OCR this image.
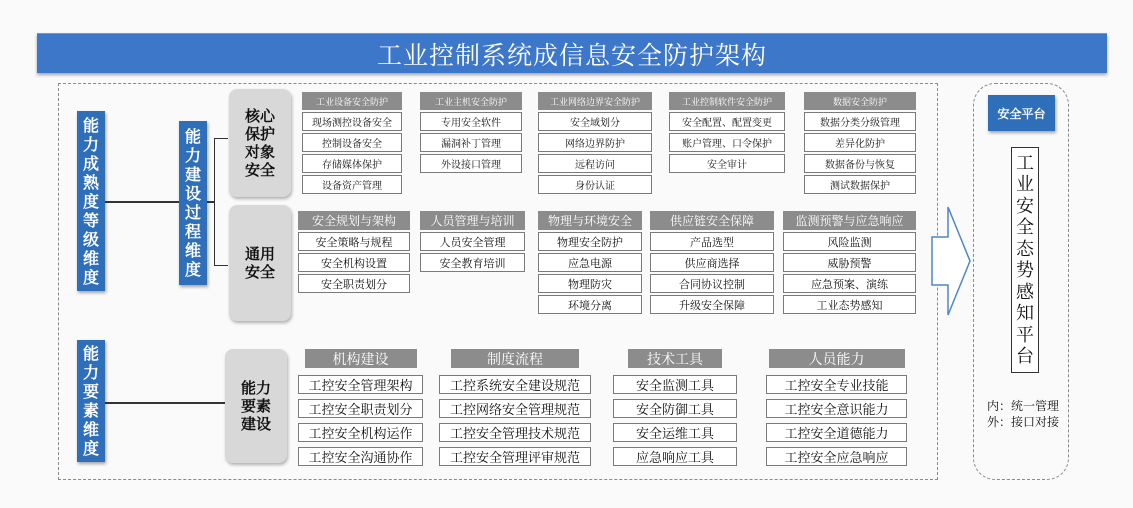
工业控制系统成信息安全防护架构
能
力
成
熟
度
等
级
维
度
能
力
建
设
过
程
维
度
能
力
要
素
维
度
核心
保护
对象
安全
通用
安全
能力
要素
建设
工业设备安全防护
现场测控设备安全
控制设备安全
存储媒体保护
设备资产管理
工业主机安全防护
专用安全软件
漏洞补丁管理
外设接口管理
工业网络边界安全防护
安全域划分
网络边界防护
远程访问
身份认证
工业控制软件安全防护
安全配置、配置变更
账户管理、口令保护
安全审计
数据安全防护
数据分类分级管理
差异化防护
数据备份与恢复
测试数据保护
安全规划与架构
安全策略与规程
安全机构设置
安全职责划分
人员管理与培训
人员安全管理
安全教育培训
物理与环境安全
物理安全防护
应急电源
物理防灾
环境分离
供应链安全保障
产品选型
供应商选择
合同协议控制
升级安全保障
监测预警与应急响应
风险监测
威胁预警
应急预案、演练
工业态势感知
机构建设
工控安全管理架构
工控安全职责划分
工控安全机构运作
工控安全沟通协作
制度流程
工控系统安全建设规范
工控网络安全管理规范
工控安全管理技术规范
工控安全管理评审规范
技术工具
安全监测工具
安全防御工具
安全运维工具
应急响应工具
人员能力
工控安全专业技能
工控安全意识能力
工控安全道德能力
工控安全应急响应
安全平台
工
业
安
全
态
势
感
知
平
台
内：统一管理
外：接口对接
